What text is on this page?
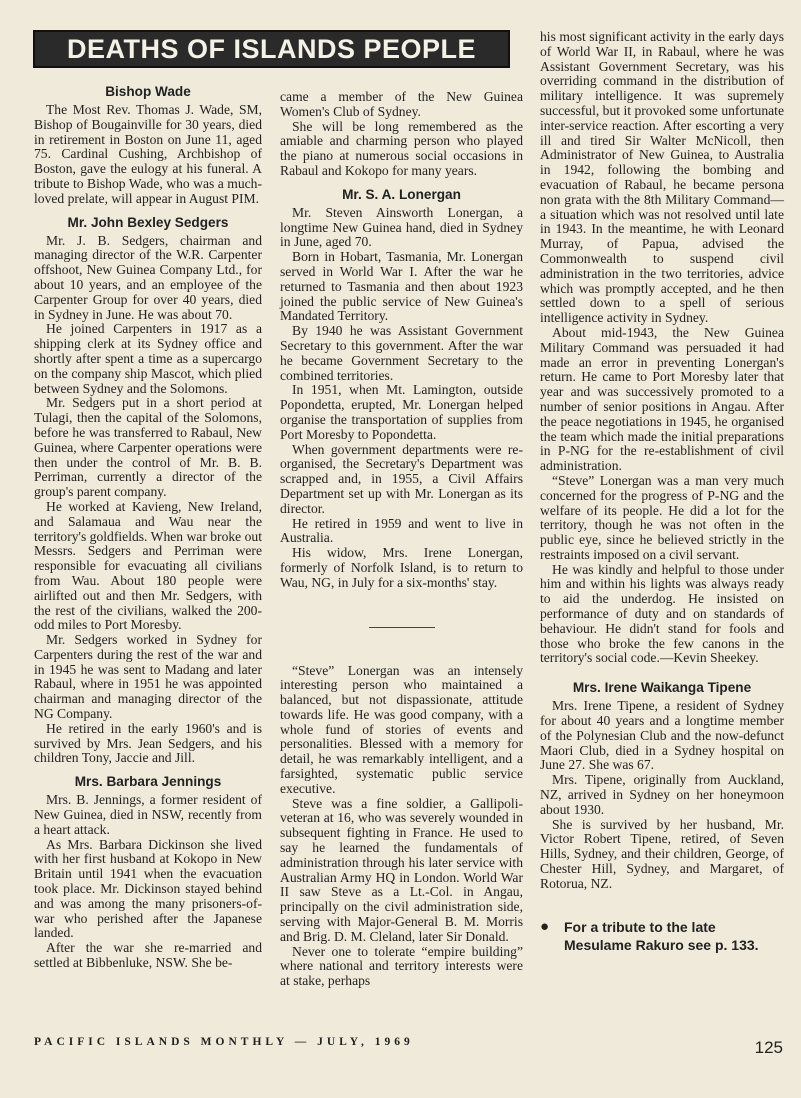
DEATHS OF ISLANDS PEOPLE
Bishop Wade

The Most Rev. Thomas J. Wade, SM, Bishop of Bougainville for 30 years, died in retirement in Boston on June 11, aged 75. Cardinal Cushing, Archbishop of Boston, gave the eulogy at his funeral. A tribute to Bishop Wade, who was a much-loved prelate, will appear in August PIM.

Mr. John Bexley Sedgers

Mr. J. B. Sedgers, chairman and managing director of the W.R. Carpenter offshoot, New Guinea Company Ltd., for about 10 years, and an employee of the Carpenter Group for over 40 years, died in Sydney in June. He was about 70.

He joined Carpenters in 1917 as a shipping clerk at its Sydney office and shortly after spent a time as a supercargo on the company ship Mascot, which plied between Sydney and the Solomons.

Mr. Sedgers put in a short period at Tulagi, then the capital of the Solomons, before he was transferred to Rabaul, New Guinea, where Carpenter operations were then under the control of Mr. B. B. Perriman, currently a director of the group's parent company.

He worked at Kavieng, New Ireland, and Salamaua and Wau near the territory's goldfields. When war broke out Messrs. Sedgers and Perriman were responsible for evacuating all civilians from Wau. About 180 people were airlifted out and then Mr. Sedgers, with the rest of the civilians, walked the 200-odd miles to Port Moresby.

Mr. Sedgers worked in Sydney for Carpenters during the rest of the war and in 1945 he was sent to Madang and later Rabaul, where in 1951 he was appointed chairman and managing director of the NG Company.

He retired in the early 1960's and is survived by Mrs. Jean Sedgers, and his children Tony, Jaccie and Jill.

Mrs. Barbara Jennings

Mrs. B. Jennings, a former resident of New Guinea, died in NSW, recently from a heart attack.

As Mrs. Barbara Dickinson she lived with her first husband at Kokopo in New Britain until 1941 when the evacuation took place. Mr. Dickinson stayed behind and was among the many prisoners-of-war who perished after the Japanese landed.

After the war she re-married and settled at Bibbenluke, NSW. She be-

came a member of the New Guinea Women's Club of Sydney.

She will be long remembered as the amiable and charming person who played the piano at numerous social occasions in Rabaul and Kokopo for many years.

Mr. S. A. Lonergan

Mr. Steven Ainsworth Lonergan, a longtime New Guinea hand, died in Sydney in June, aged 70.

Born in Hobart, Tasmania, Mr. Lonergan served in World War I. After the war he returned to Tasmania and then about 1923 joined the public service of New Guinea's Mandated Territory.

By 1940 he was Assistant Government Secretary to this government. After the war he became Government Secretary to the combined territories.

In 1951, when Mt. Lamington, outside Popondetta, erupted, Mr. Lonergan helped organise the transportation of supplies from Port Moresby to Popondetta.

When government departments were re-organised, the Secretary's Department was scrapped and, in 1955, a Civil Affairs Department set up with Mr. Lonergan as its director.

He retired in 1959 and went to live in Australia.

His widow, Mrs. Irene Lonergan, formerly of Norfolk Island, is to return to Wau, NG, in July for a six-months' stay.

“Steve” Lonergan was an intensely interesting person who maintained a balanced, but not dispassionate, attitude towards life. He was good company, with a whole fund of stories of events and personalities. Blessed with a memory for detail, he was remarkably intelligent, and a farsighted, systematic public service executive.

Steve was a fine soldier, a Gallipoli-veteran at 16, who was severely wounded in subsequent fighting in France. He used to say he learned the fundamentals of administration through his later service with Australian Army HQ in London. World War II saw Steve as a Lt.-Col. in Angau, principally on the civil administration side, serving with Major-General B. M. Morris and Brig. D. M. Cleland, later Sir Donald.

Never one to tolerate “empire building” where national and territory interests were at stake, perhaps

his most significant activity in the early days of World War II, in Rabaul, where he was Assistant Government Secretary, was his overriding command in the distribution of military intelligence. It was supremely successful, but it provoked some unfortunate inter-service reaction. After escorting a very ill and tired Sir Walter McNicoll, then Administrator of New Guinea, to Australia in 1942, following the bombing and evacuation of Rabaul, he became persona non grata with the 8th Military Command—a situation which was not resolved until late in 1943. In the meantime, he with Leonard Murray, of Papua, advised the Commonwealth to suspend civil administration in the two territories, advice which was promptly accepted, and he then settled down to a spell of serious intelligence activity in Sydney.

About mid-1943, the New Guinea Military Command was persuaded it had made an error in preventing Lonergan's return. He came to Port Moresby later that year and was successively promoted to a number of senior positions in Angau. After the peace negotiations in 1945, he organised the team which made the initial preparations in P-NG for the re-establishment of civil administration.

“Steve” Lonergan was a man very much concerned for the progress of P-NG and the welfare of its people. He did a lot for the territory, though he was not often in the public eye, since he believed strictly in the restraints imposed on a civil servant.

He was kindly and helpful to those under him and within his lights was always ready to aid the underdog. He insisted on performance of duty and on standards of behaviour. He didn't stand for fools and those who broke the few canons in the territory's social code.—Kevin Sheekey.

Mrs. Irene Waikanga Tipene

Mrs. Irene Tipene, a resident of Sydney for about 40 years and a longtime member of the Polynesian Club and the now-defunct Maori Club, died in a Sydney hospital on June 27. She was 67.

Mrs. Tipene, originally from Auckland, NZ, arrived in Sydney on her honeymoon about 1930.

She is survived by her husband, Mr. Victor Robert Tipene, retired, of Seven Hills, Sydney, and their children, George, of Chester Hill, Sydney, and Margaret, of Rotorua, NZ.

●	For a tribute to the late Mesulame Rakuro see p. 133.
PACIFIC ISLANDS MONTHLY — JULY, 1969	125
